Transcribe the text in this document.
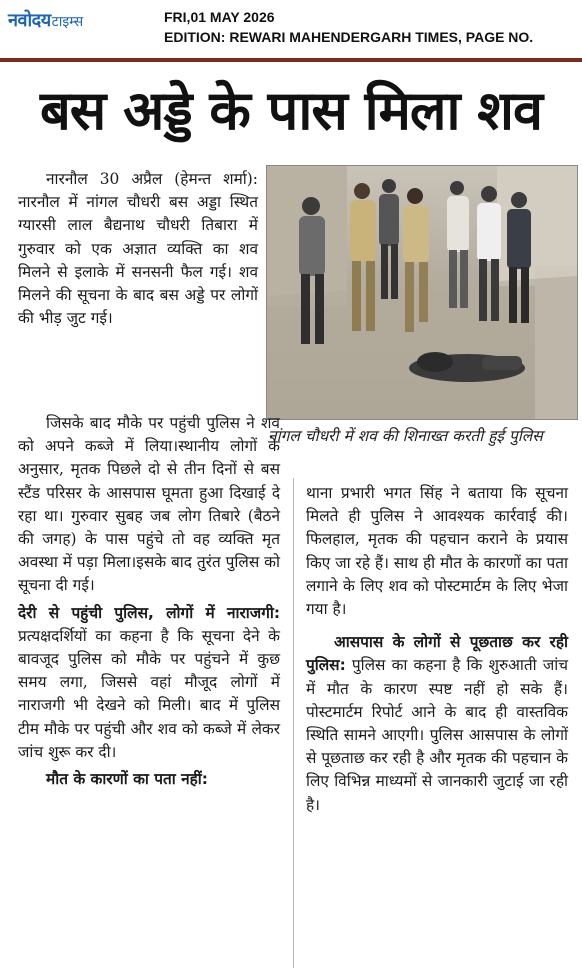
नवोदय टाइम्स	FRI,01 MAY 2026
EDITION: REWARI MAHENDERGARH TIMES, PAGE NO.
बस अड्डे के पास मिला शव

नारनौल 30 अप्रैल (हेमन्त शर्मा): नारनौल में नांगल चौधरी बस अड्डा स्थित ग्यारसी लाल बैद्यनाथ चौधरी तिबारा में गुरुवार को एक अज्ञात व्यक्ति का शव मिलने से इलाके में सनसनी फैल गई। शव मिलने की सूचना के बाद बस अड्डे पर लोगों की भीड़ जुट गई।

नांगल चौधरी में शव की शिनाख्त करती हुई पुलिस

जिसके बाद मौके पर पहुंची पुलिस ने शव को अपने कब्जे में लिया।स्थानीय लोगों के अनुसार, मृतक पिछले दो से तीन दिनों से बस स्टैंड परिसर के आसपास घूमता हुआ दिखाई दे रहा था। गुरुवार सुबह जब लोग तिबारे (बैठने की जगह) के पास पहुंचे तो वह व्यक्ति मृत अवस्था में पड़ा मिला।इसके बाद तुरंत पुलिस को सूचना दी गई।

देरी से पहुंची पुलिस, लोगों में नाराजगी: प्रत्यक्षदर्शियों का कहना है कि सूचना देने के बावजूद पुलिस को मौके पर पहुंचने में कुछ समय लगा, जिससे वहां मौजूद लोगों में नाराजगी भी देखने को मिली। बाद में पुलिस टीम मौके पर पहुंची और शव को कब्जे में लेकर जांच शुरू कर दी।

मौत के कारणों का पता नहीं:

थाना प्रभारी भगत सिंह ने बताया कि सूचना मिलते ही पुलिस ने आवश्यक कार्रवाई की। फिलहाल, मृतक की पहचान कराने के प्रयास किए जा रहे हैं। साथ ही मौत के कारणों का पता लगाने के लिए शव को पोस्टमार्टम के लिए भेजा गया है।

आसपास के लोगों से पूछताछ कर रही पुलिस: पुलिस का कहना है कि शुरुआती जांच में मौत के कारण स्पष्ट नहीं हो सके हैं। पोस्टमार्टम रिपोर्ट आने के बाद ही वास्तविक स्थिति सामने आएगी। पुलिस आसपास के लोगों से पूछताछ कर रही है और मृतक की पहचान के लिए विभिन्न माध्यमों से जानकारी जुटाई जा रही है।
